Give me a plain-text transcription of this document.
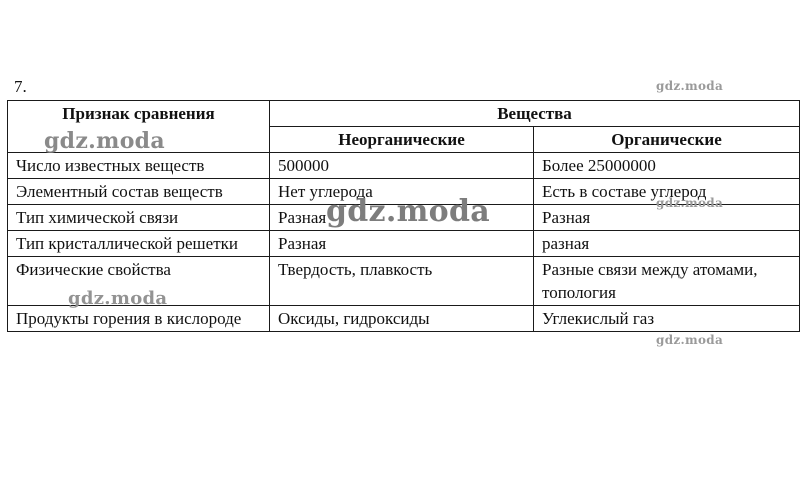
7.
Признак сравнения	Вещества	
	Неорганические	Органические
Число известных веществ	500000	Более 25000000
Элементный состав веществ	Нет углерода	Есть в составе углерод
Тип химической связи	Разная	Разная
Тип кристаллической решетки	Разная	разная
Физические свойства	Твердость, плавкость	Разные связи между атомами, топология
Продукты горения в кислороде	Оксиды, гидроксиды	Углекислый газ
gdz.moda
gdz.moda
gdz.moda	gdz.moda
gdz.moda
gdz.moda
